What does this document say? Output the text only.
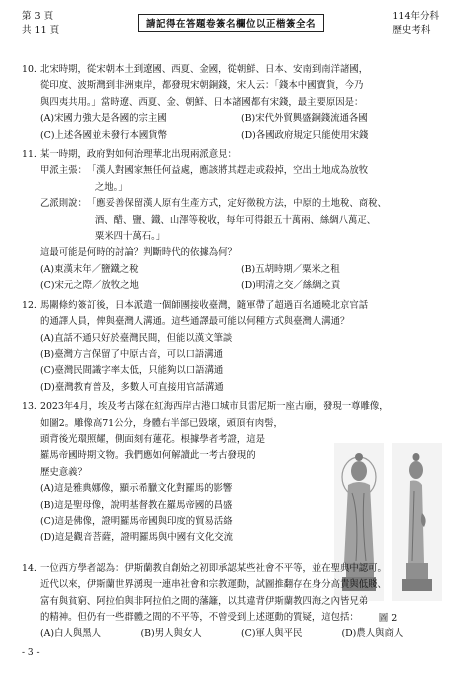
第 3 頁
共 11 頁
請記得在答題卷簽名欄位以正楷簽全名
114年分科
歷史考科
10. 北宋時期，從宋朝本土到遼國、西夏、金國，從朝鮮、日本、安南到南洋諸國，

從印度、波斯灣到非洲東岸，都發現宋朝銅錢，宋人云：「錢本中國寶貨，今乃

與四夷共用。」當時遼、西夏、金、朝鮮、日本諸國都有宋錢，最主要原因是：

(A)宋國力強大是各國的宗主國	(B)宋代外貿興盛銅錢流通各國
(C)上述各國並未發行本國貨幣	(D)各國政府規定只能使用宋錢
11. 某一時期，政府對如何治理華北出現兩派意見：

甲派主張： 「漢人對國家無任何益處，應該將其趕走或殺掉，空出土地成為放牧
之地。」
乙派則說： 「應妥善保留漢人原有生產方式，定好徵稅方法，中原的土地稅、商稅、
酒、醋、鹽、鐵、山澤等稅收，每年可得銀五十萬兩、絲綢八萬疋、
粟米四十萬石。」

這最可能是何時的討論？判斷時代的依據為何？

(A)東漢末年／鹽鐵之稅	(B)五胡時期／粟米之租
(C)宋元之際／放牧之地	(D)明清之交／絲綢之貢
12. 馬關條約簽訂後，日本派遣一個師團接收臺灣，隨軍帶了超過百名通曉北京官話

的通譯人員，俾與臺灣人溝通。這些通譯最可能以何種方式與臺灣人溝通？

(A)直話不通只好於臺灣民間，但能以漢文筆談

(B)臺灣方言保留了中原古音，可以口語溝通

(C)臺灣民間識字率太低，只能夠以口語溝通

(D)臺灣教育普及，多數人可直接用官話溝通

13. 2023年4月，埃及考古隊在紅海西岸古港口城市貝雷尼斯一座古廟，發現一尊雕像，

如圖2。雕像高71公分，身體右半部已毀壞，頭頂有肉髻，

頭背後光環照耀，側面刻有蓮花。根據學者考證，這是

羅馬帝國時期文物。我們應如何解讀此一考古發現的

歷史意義？

(A)這是雅典娜像，顯示希臘文化對羅馬的影響

(B)這是聖母像，說明基督教在羅馬帝國的昌盛

(C)這是佛像，證明羅馬帝國與印度的貿易活絡

(D)這是觀音菩薩，證明羅馬與中國有文化交流

圖 2
14. 一位西方學者認為：伊斯蘭教自創始之初即承認某些社會不平等，並在聖典中認可。

近代以來，伊斯蘭世界湧現一連串社會和宗教運動，試圖推翻存在身分高貴與低賤、

富有與貧窮、阿拉伯與非阿拉伯之間的藩籬，以其違背伊斯蘭教四海之內皆兄弟

的精神。但仍有一些群體之間的不平等，不曾受到上述運動的質疑，這包括：

(A)白人與黑人	(B)男人與女人	(C)軍人與平民	(D)農人與商人
- 3 -
